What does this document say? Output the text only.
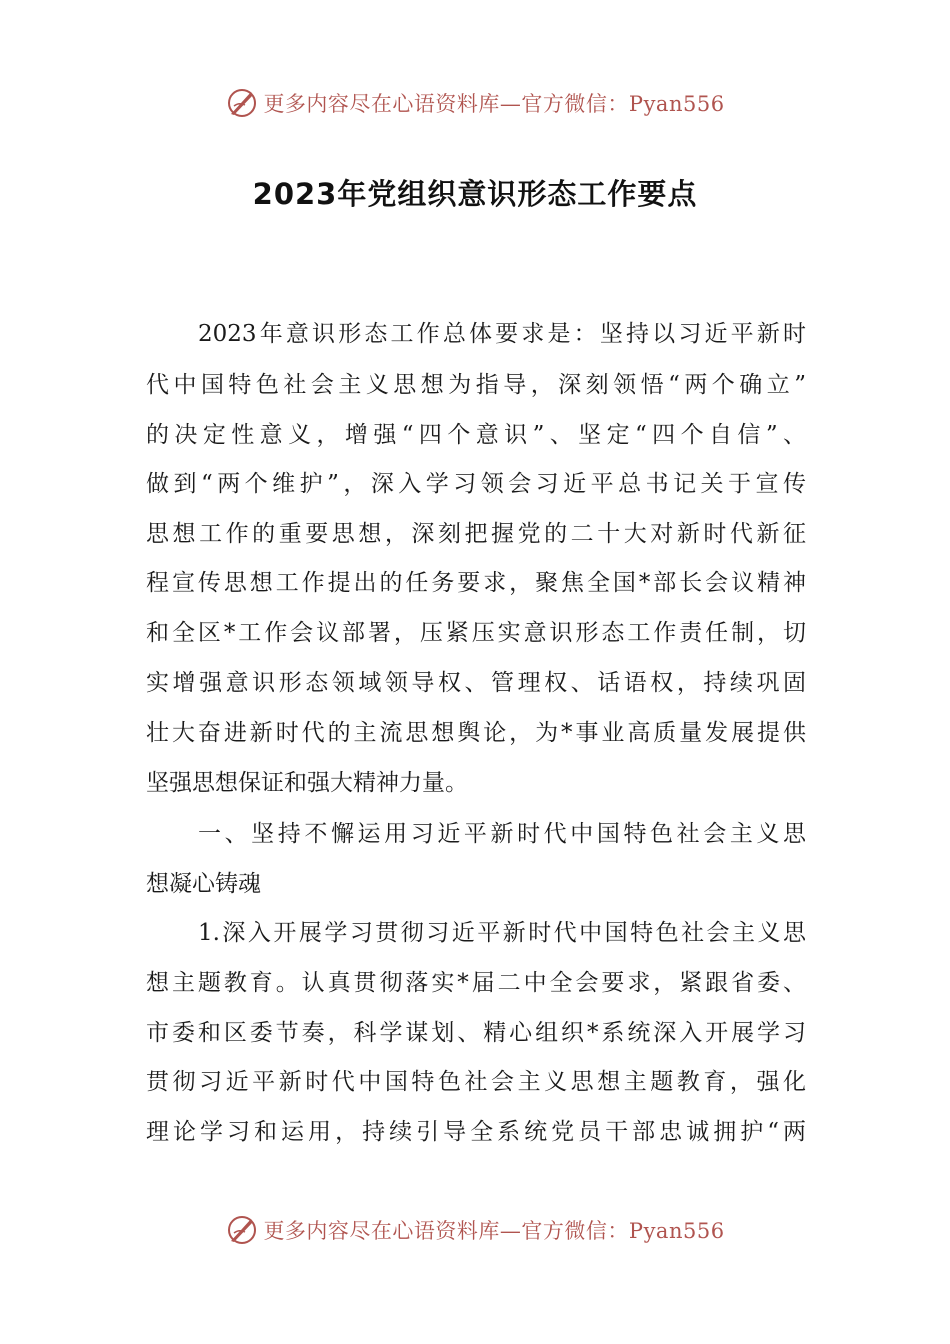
更多内容尽在心语资料库—官方微信：Pyan556
2023年党组织意识形态工作要点
2023年意识形态工作总体要求是：坚持以习近平新时
代中国特色社会主义思想为指导，深刻领悟“两个确立”
的决定性意义，增强“四个意识”、坚定“四个自信”、
做到“两个维护”，深入学习领会习近平总书记关于宣传
思想工作的重要思想，深刻把握党的二十大对新时代新征
程宣传思想工作提出的任务要求，聚焦全国*部长会议精神
和全区*工作会议部署，压紧压实意识形态工作责任制，切
实增强意识形态领域领导权、管理权、话语权，持续巩固
壮大奋进新时代的主流思想舆论，为*事业高质量发展提供
坚强思想保证和强大精神力量。
一、坚持不懈运用习近平新时代中国特色社会主义思
想凝心铸魂
1.深入开展学习贯彻习近平新时代中国特色社会主义思
想主题教育。认真贯彻落实*届二中全会要求，紧跟省委、
市委和区委节奏，科学谋划、精心组织*系统深入开展学习
贯彻习近平新时代中国特色社会主义思想主题教育，强化
理论学习和运用，持续引导全系统党员干部忠诚拥护“两
更多内容尽在心语资料库—官方微信：Pyan556
